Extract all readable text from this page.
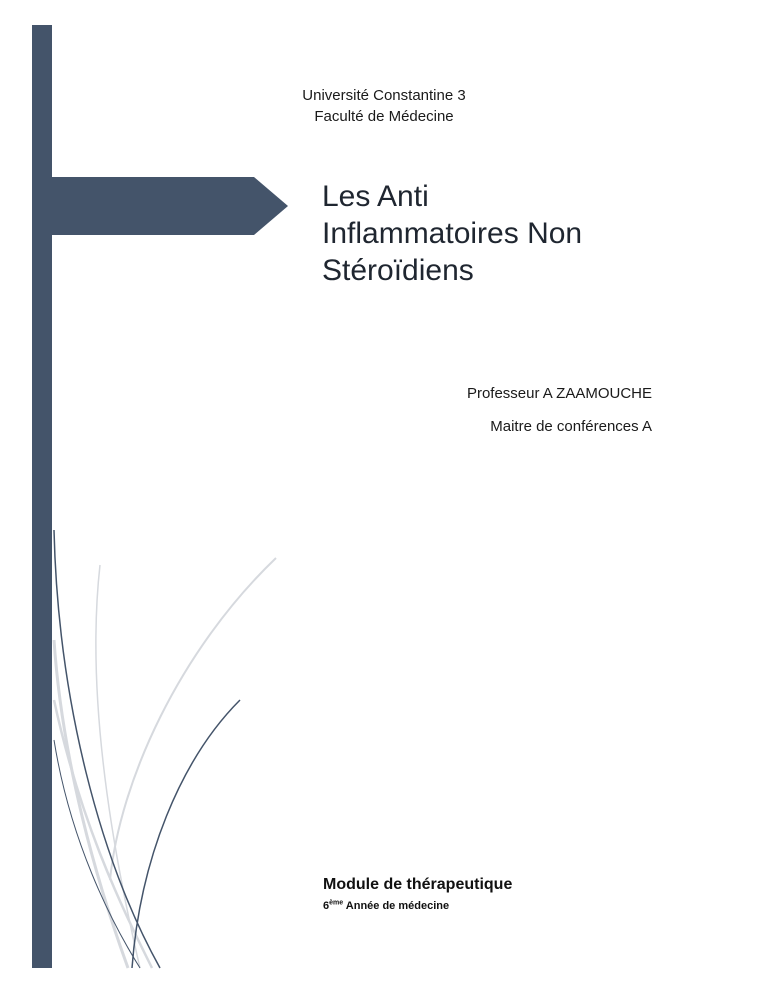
Université Constantine 3
Faculté de Médecine
Les Anti
Inflammatoires Non
Stéroïdiens
Professeur A ZAAMOUCHE
Maitre de conférences A
Module de thérapeutique
6ème Année de médecine
